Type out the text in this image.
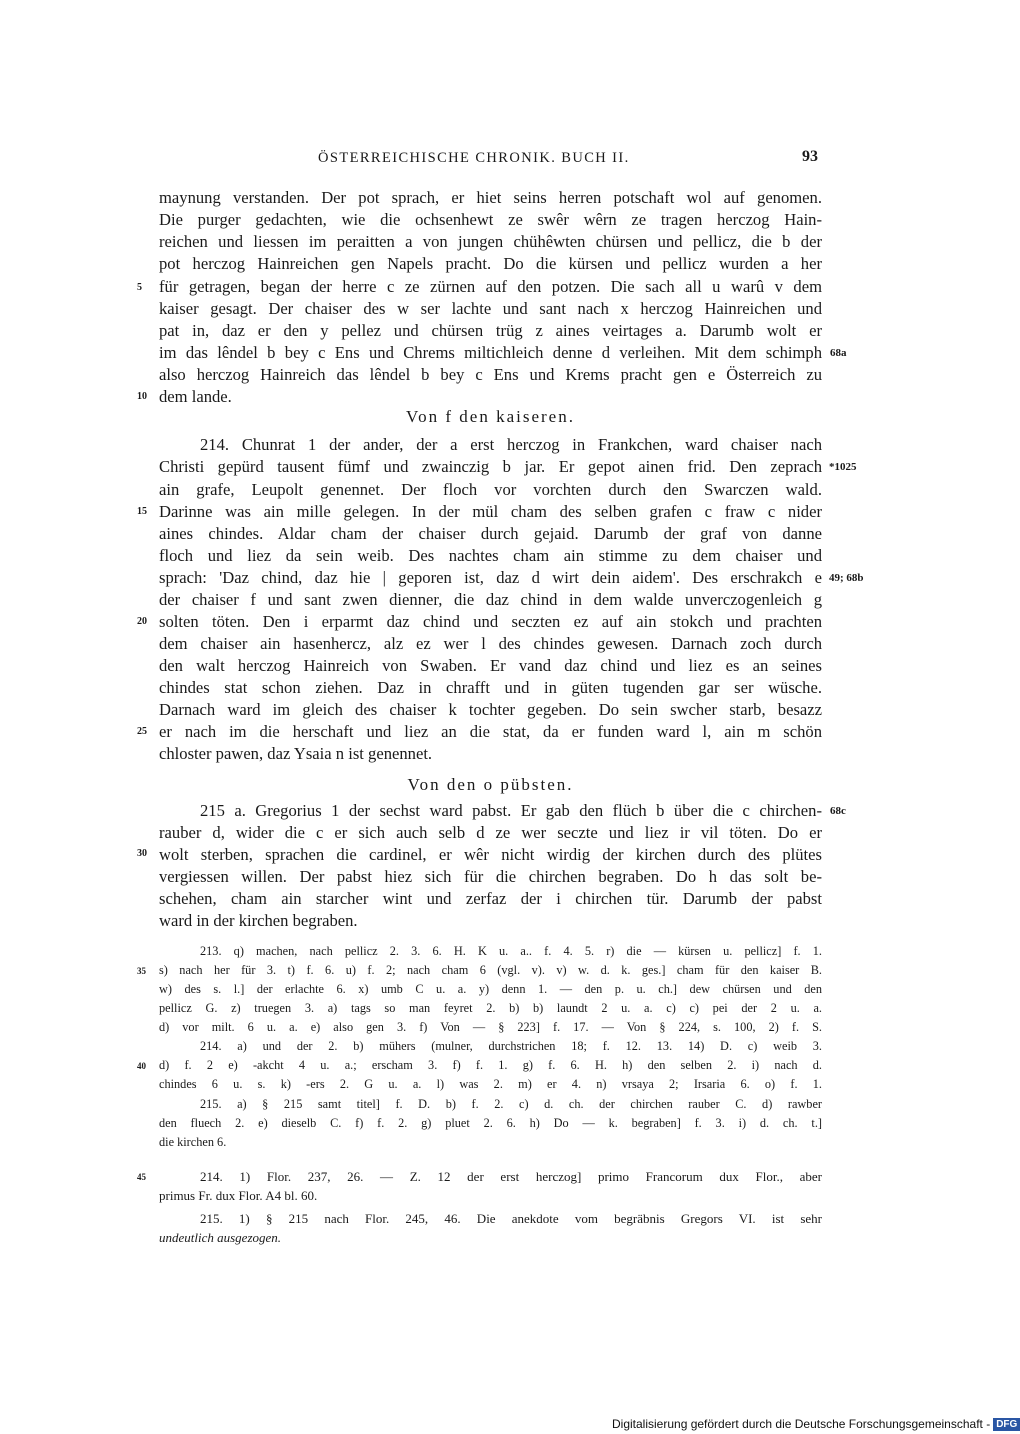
ÖSTERREICHISCHE CHRONIK. BUCH II.	93
maynung verstanden. Der pot sprach, er hiet seins herren potschaft wol auf genomen.
Die purger gedachten, wie die ochsenhewt ze swêr wêrn ze tragen herczog Hain-
reichen und liessen im peraitten a von jungen chühêwten chürsen und pellicz, die b der
pot herczog Hainreichen gen Napels pracht. Do die kürsen und pellicz wurden a her
für getragen, began der herre c ze zürnen auf den potzen. Die sach all u warû v dem
kaiser gesagt. Der chaiser des w ser lachte und sant nach x herczog Hainreichen und
pat in, daz er den y pellez und chürsen trüg z aines veirtages a. Darumb wolt er
im das lêndel b bey c Ens und Chrems miltichleich denne d verleihen. Mit dem schimph
also herczog Hainreich das lêndel b bey c Ens und Krems pracht gen e Österreich zu
dem lande.
Von f den kaiseren.
214. Chunrat 1 der ander, der a erst herczog in Frankchen, ward chaiser nach
Christi gepürd tausent fümf und zwainczig b jar. Er gepot ainen frid. Den zeprach
ain grafe, Leupolt genennet. Der floch vor vorchten durch den Swarczen wald.
Darinne was ain mille gelegen. In der mül cham des selben grafen c fraw c nider
aines chindes. Aldar cham der chaiser durch gejaid. Darumb der graf von danne
floch und liez da sein weib. Des nachtes cham ain stimme zu dem chaiser und
sprach: 'Daz chind, daz hie | geporen ist, daz d wirt dein aidem'. Des erschrakch e
der chaiser f und sant zwen dienner, die daz chind in dem walde unverczogenleich g
solten töten. Den i erparmt daz chind und seczten ez auf ain stokch und prachten
dem chaiser ain hasenhercz, alz ez wer l des chindes gewesen. Darnach zoch durch
den walt herczog Hainreich von Swaben. Er vand daz chind und liez es an seines
chindes stat schon ziehen. Daz in chrafft und in güten tugenden gar ser wüsche.
Darnach ward im gleich des chaiser k tochter gegeben. Do sein swcher starb, besazz
er nach im die herschaft und liez an die stat, da er funden ward l, ain m schön
chloster pawen, daz Ysaia n ist genennet.
Von den o pübsten.
215 a. Gregorius 1 der sechst ward pabst. Er gab den flüch b über die c chirchen-
rauber d, wider die c er sich auch selb d ze wer seczte und liez ir vil töten. Do er
wolt sterben, sprachen die cardinel, er wêr nicht wirdig der kirchen durch des plütes
vergiessen willen. Der pabst hiez sich für die chirchen begraben. Do h das solt be-
schehen, cham ain starcher wint und zerfaz der i chirchen tür. Darumb der pabst
ward in der kirchen begraben.
5
10
15
20
25
30
68a
*1025
49; 68b
68c
213. q) machen, nach pellicz 2. 3. 6. H. K u. a.. f. 4. 5. r) die — kürsen u. pellicz] f. 1.
s) nach her für 3. t) f. 6. u) f. 2; nach cham 6 (vgl. v). v) w. d. k. ges.] cham für den kaiser B.
w) des s. l.] der erlachte 6. x) umb C u. a. y) denn 1. — den p. u. ch.] dew chürsen und den
pellicz G. z) truegen 3. a) tags so man feyret 2. b) b) laundt 2 u. a. c) c) pei der 2 u. a.
d) vor milt. 6 u. a. e) also gen 3. f) Von — § 223] f. 17. — Von § 224, s. 100, 2) f. S.
214. a) und der 2. b) mühers (mulner, durchstrichen 18; f. 12. 13. 14) D. c) weib 3.
d) f. 2 e) -akcht 4 u. a.; erscham 3. f) f. 1. g) f. 6. H. h) den selben 2. i) nach d.
chindes 6 u. s. k) -ers 2. G u. a. l) was 2. m) er 4. n) vrsaya 2; Irsaria 6. o) f. 1.
215. a) § 215 samt titel] f. D. b) f. 2. c) d. ch. der chirchen rauber C. d) rawber
den fluech 2. e) dieselb C. f) f. 2. g) pluet 2. 6. h) Do — k. begraben] f. 3. i) d. ch. t.]
die kirchen 6.
35
40
214. 1) Flor. 237, 26. — Z. 12 der erst herczog] primo Francorum dux Flor., aber
primus Fr. dux Flor. A4 bl. 60.
215. 1) § 215 nach Flor. 245, 46. Die anekdote vom begräbnis Gregors VI. ist sehr
undeutlich ausgezogen.
45
Digitalisierung gefördert durch die Deutsche Forschungsgemeinschaft - DFG
